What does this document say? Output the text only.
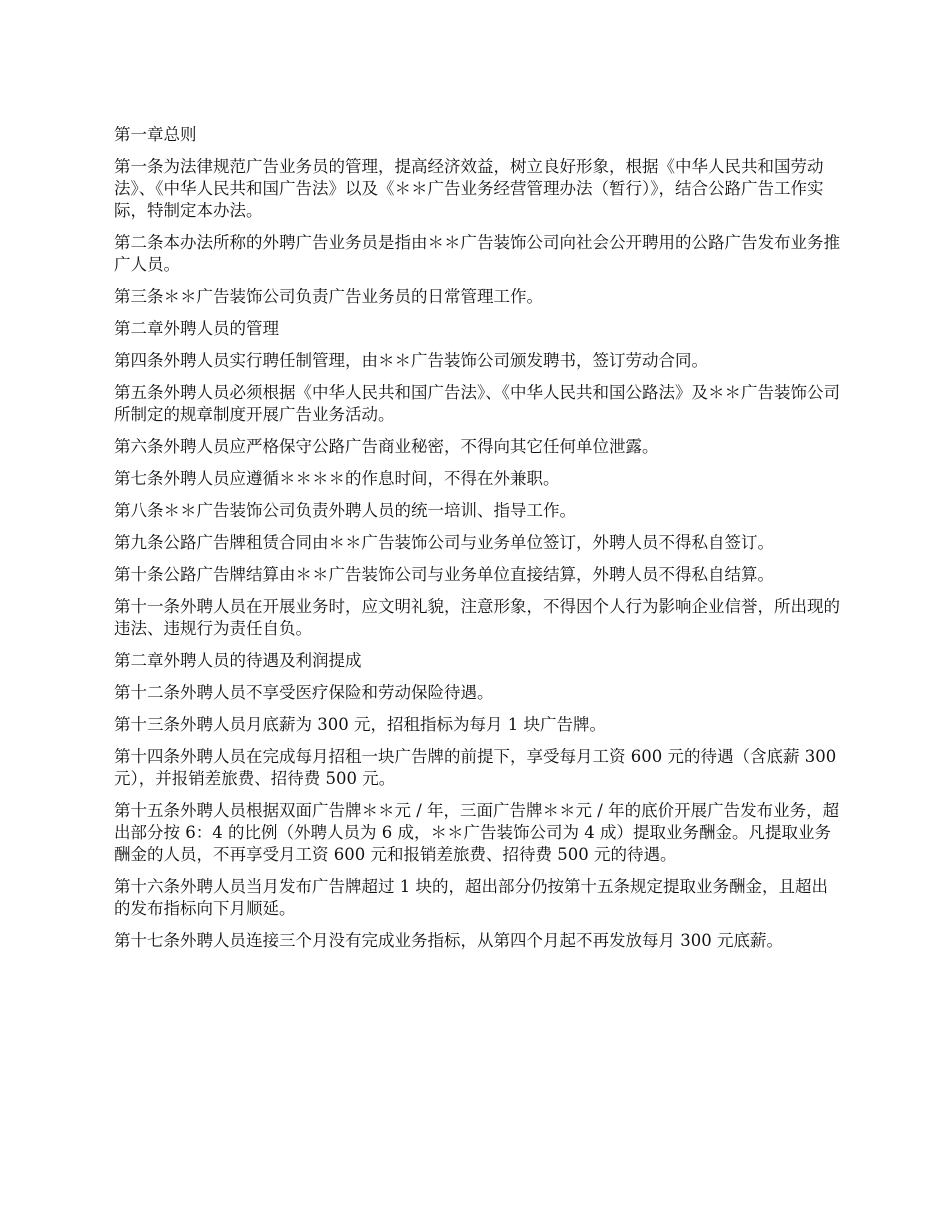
第一章总则

第一条为法律规范广告业务员的管理，提高经济效益，树立良好形象，根据《中华人民共和国劳动法》、《中华人民共和国广告法》以及《＊＊广告业务经营管理办法（暂行）》，结合公路广告工作实际，特制定本办法。

第二条本办法所称的外聘广告业务员是指由＊＊广告装饰公司向社会公开聘用的公路广告发布业务推广人员。

第三条＊＊广告装饰公司负责广告业务员的日常管理工作。

第二章外聘人员的管理

第四条外聘人员实行聘任制管理，由＊＊广告装饰公司颁发聘书，签订劳动合同。

第五条外聘人员必须根据《中华人民共和国广告法》、《中华人民共和国公路法》及＊＊广告装饰公司所制定的规章制度开展广告业务活动。

第六条外聘人员应严格保守公路广告商业秘密，不得向其它任何单位泄露。

第七条外聘人员应遵循＊＊＊＊的作息时间，不得在外兼职。

第八条＊＊广告装饰公司负责外聘人员的统一培训、指导工作。

第九条公路广告牌租赁合同由＊＊广告装饰公司与业务单位签订，外聘人员不得私自签订。

第十条公路广告牌结算由＊＊广告装饰公司与业务单位直接结算，外聘人员不得私自结算。

第十一条外聘人员在开展业务时，应文明礼貌，注意形象，不得因个人行为影响企业信誉，所出现的违法、违规行为责任自负。

第二章外聘人员的待遇及利润提成

第十二条外聘人员不享受医疗保险和劳动保险待遇。

第十三条外聘人员月底薪为 300 元，招租指标为每月 1 块广告牌。

第十四条外聘人员在完成每月招租一块广告牌的前提下，享受每月工资 600 元的待遇（含底薪 300 元），并报销差旅费、招待费 500 元。

第十五条外聘人员根据双面广告牌＊＊元 / 年，三面广告牌＊＊元 / 年的底价开展广告发布业务，超出部分按 6：4 的比例（外聘人员为 6 成，＊＊广告装饰公司为 4 成）提取业务酬金。凡提取业务酬金的人员，不再享受月工资 600 元和报销差旅费、招待费 500 元的待遇。

第十六条外聘人员当月发布广告牌超过 1 块的，超出部分仍按第十五条规定提取业务酬金，且超出的发布指标向下月顺延。

第十七条外聘人员连接三个月没有完成业务指标，从第四个月起不再发放每月 300 元底薪。
